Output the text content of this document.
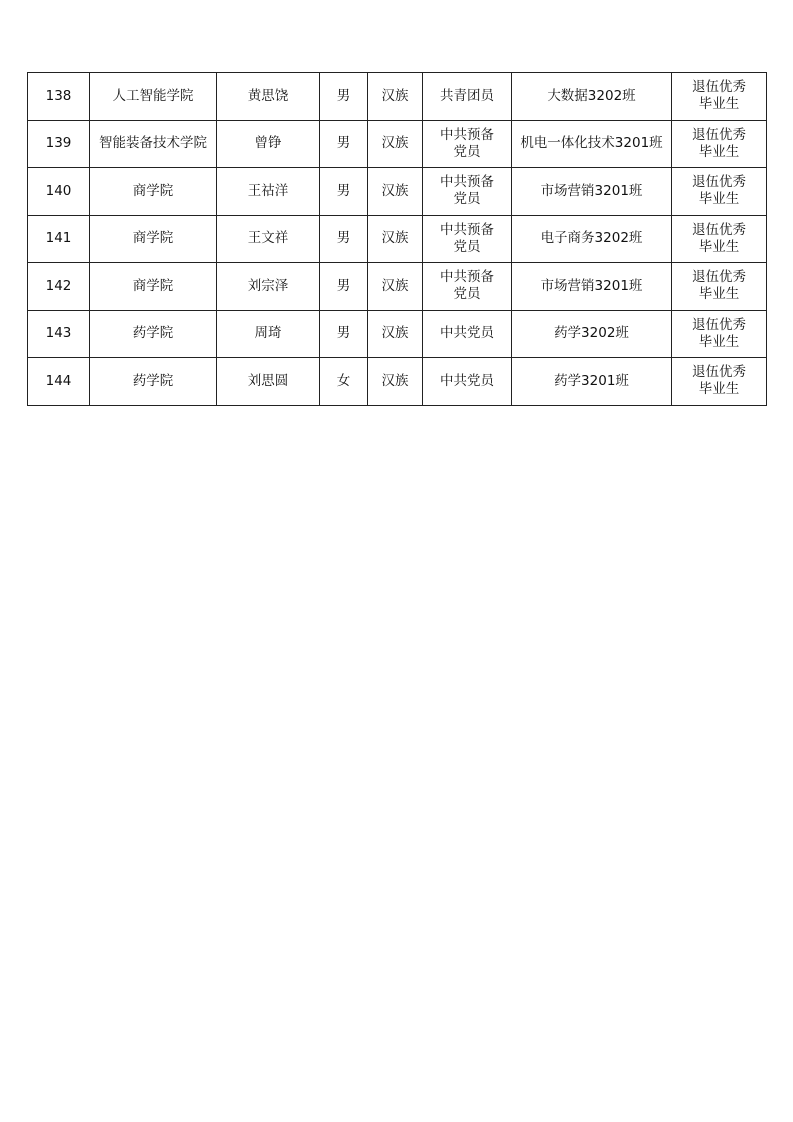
138	人工智能学院	黄思饶	男	汉族	共青团员	大数据3202班	退伍优秀毕业生
139	智能装备技术学院	曾铮	男	汉族	中共预备党员	机电一体化技术3201班	退伍优秀毕业生
140	商学院	王祜洋	男	汉族	中共预备党员	市场营销3201班	退伍优秀毕业生
141	商学院	王文祥	男	汉族	中共预备党员	电子商务3202班	退伍优秀毕业生
142	商学院	刘宗泽	男	汉族	中共预备党员	市场营销3201班	退伍优秀毕业生
143	药学院	周琦	男	汉族	中共党员	药学3202班	退伍优秀毕业生
144	药学院	刘思圆	女	汉族	中共党员	药学3201班	退伍优秀毕业生
